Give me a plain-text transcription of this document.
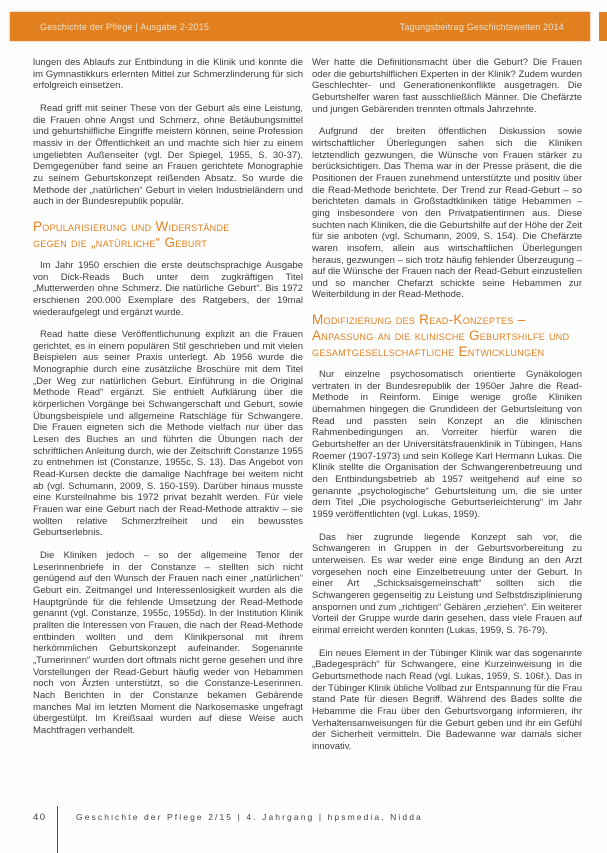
Geschichte der Pflege | Ausgabe 2-2015	Tagungsbeitrag Geschichtswelten 2014

lungen des Ablaufs zur Entbindung in die Klinik und konnte die im Gymnastikkurs erlernten Mittel zur Schmerzlinderung für sich erfolgreich einsetzen.

Read griff mit seiner These von der Geburt als eine Leistung, die Frauen ohne Angst und Schmerz, ohne Betäubungsmittel und geburtshilfliche Eingriffe meistern können, seine Profession massiv in der Öffentlichkeit an und machte sich hier zu einem ungeliebten Außenseiter (vgl. Der Spiegel, 1955, S. 30-37). Demgegenüber fand seine an Frauen gerichtete Monographie zu seinem Geburtskonzept reißenden Absatz. So wurde die Methode der „natürlichen“ Geburt in vielen Industrieländern und auch in der Bundesrepublik populär.

Popularisierung und Widerstände
gegen die „natürliche“ Geburt

Im Jahr 1950 erschien die erste deutschsprachige Ausgabe von Dick-Reads Buch unter dem zugkräftigen Titel „Mutterwerden ohne Schmerz. Die natürliche Geburt“. Bis 1972 erschienen 200.000 Exemplare des Ratgebers, der 19mal wiederaufgelegt und ergänzt wurde.

Read hatte diese Veröffentlichunung explizit an die Frauen gerichtet, es in einem populären Stil geschrieben und mit vielen Beispielen aus seiner Praxis unterlegt. Ab 1956 wurde die Monographie durch eine zusätzliche Broschüre mit dem Titel „Der Weg zur natürlichen Geburt. Einführung in die Original Methode Read“ ergänzt. Sie enthielt Aufklärung über die körperlichen Vorgänge bei Schwangerschaft und Geburt, sowie Übungsbeispiele und allgemeine Ratschläge für Schwangere. Die Frauen eigneten sich die Methode vielfach nur über das Lesen des Buches an und führten die Übungen nach der schriftlichen Anleitung durch, wie der Zeitschrift Constanze 1955 zu entnehmen ist (Constanze, 1955c, S. 13). Das Angebot von Read-Kursen deckte die damalige Nachfrage bei weitem nicht ab (vgl. Schumann, 2009, S. 150-159). Darüber hinaus musste eine Kursteilnahme bis 1972 privat bezahlt werden. Für viele Frauen war eine Geburt nach der Read-Methode attraktiv – sie wollten relative Schmerzfreiheit und ein bewusstes Geburtserlebnis.

Die Kliniken jedoch – so der allgemeine Tenor der Leserinnenbriefe in der Constanze – stellten sich nicht genügend auf den Wunsch der Frauen nach einer „natürlichen“ Geburt ein. Zeitmangel und Interessenlosigkeit wurden als die Hauptgründe für die fehlende Umsetzung der Read-Methode genannt (vgl. Constanze, 1955c, 1955d). In der Institution Klinik prallten die Interessen von Frauen, die nach der Read-Methode entbinden wollten und dem Klinikpersonal mit ihrem herkömmlichen Geburtskonzept aufeinander. Sogenannte „Turnerinnen“ wurden dort oftmals nicht gerne gesehen und ihre Vorstellungen der Read-Geburt häufig weder von Hebammen noch von Ärzten unterstützt, so die Constanze-Leserinnen. Nach Berichten in der Constanze bekamen Gebärende manches Mal im letzten Moment die Narkosemaske ungefragt übergestülpt. Im Kreißsaal wurden auf diese Weise auch Machtfragen verhandelt.

Wer hatte die Definitionsmacht über die Geburt? Die Frauen oder die geburtshilflichen Experten in der Klinik? Zudem wurden Geschlechter- und Generationenkonflikte ausgetragen. Die Geburtshelfer waren fast ausschließlich Männer. Die Chefärzte und jungen Gebärenden trennten oftmals Jahrzehnte.

Aufgrund der breiten öffentlichen Diskussion sowie wirtschaftlicher Überlegungen sahen sich die Kliniken letztendlich gezwungen, die Wünsche von Frauen stärker zu berücksichtigen. Das Thema war in der Presse präsent, die die Positionen der Frauen zunehmend unterstützte und positiv über die Read-Methode berichtete. Der Trend zur Read-Geburt – so berichteten damals in Großstadtkliniken tätige Hebammen – ging insbesondere von den Privatpatientinnen aus. Diese suchten nach Kliniken, die die Geburtshilfe auf der Höhe der Zeit für sie anboten (vgl. Schumann, 2009, S. 154). Die Chefärzte waren insofern, allein aus wirtschaftlichen Überlegungen heraus, gezwungen – sich trotz häufig fehlender Überzeugung – auf die Wünsche der Frauen nach der Read-Geburt einzustellen und so mancher Chefarzt schickte seine Hebammen zur Weiterbildung in der Read-Methode.

Modifizierung des Read-Konzeptes –
Anpassung an die klinische Geburtshilfe und
gesamtgesellschaftliche Entwicklungen

Nur einzelne psychosomatisch orientierte Gynäkologen vertraten in der Bundesrepublik der 1950er Jahre die Read-Methode in Reinform. Einige wenige große Kliniken übernahmen hingegen die Grundideen der Geburtsleitung von Read und passten sein Konzept an die klinischen Rahmenbedingungen an. Vorreiter hierfür waren die Geburtshelfer an der Universitätsfrauenklinik in Tübingen, Hans Roemer (1907-1973) und sein Kollege Karl Hermann Lukas. Die Klinik stellte die Organisation der Schwangerenbetreuung und den Entbindungsbetrieb ab 1957 weitgehend auf eine so genannte „psychologische“ Geburtsleitung um, die sie unter dem Titel „Die psychologische Geburtserleichterung“ im Jahr 1959 veröffentlichten (vgl. Lukas, 1959).

Das hier zugrunde liegende Konzept sah vor, die Schwangeren in Gruppen in der Geburtsvorbereitung zu unterweisen. Es war weder eine enge Bindung an den Arzt vorgesehen noch eine Einzelbetreuung unter der Geburt. In einer Art „Schicksalsgemeinschaft“ sollten sich die Schwangeren gegenseitig zu Leistung und Selbstdisziplinierung anspornen und zum „richtigen“ Gebären „erziehen“. Ein weiterer Vorteil der Gruppe wurde darin gesehen, dass viele Frauen auf einmal erreicht werden konnten (Lukas, 1959, S. 76-79).

Ein neues Element in der Tübinger Klinik war das sogenannte „Badegespräch“ für Schwangere, eine Kurzeinweisung in die Geburtsmethode nach Read (vgl. Lukas, 1959, S. 106f.). Das in der Tübinger Klinik übliche Vollbad zur Entspannung für die Frau stand Pate für diesen Begriff. Während des Bades sollte die Hebamme die Frau über den Geburtsvorgang informieren, ihr Verhaltensanweisungen für die Geburt geben und ihr ein Gefühl der Sicherheit vermitteln. Die Badewanne war damals sicher innovativ.

40	Geschichte der Pflege 2/15 | 4. Jahrgang | hpsmedia, Nidda
